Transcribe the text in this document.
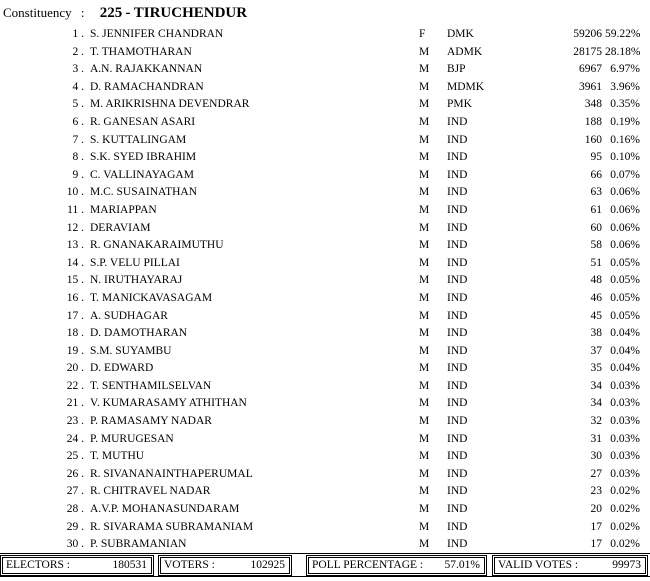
Constituency : 225 - TIRUCHENDUR
1 . S. JENNIFER CHANDRAN	F DMK	59206 59.22%
2 . T. THAMOTHARAN	M ADMK	28175 28.18%
3 . A.N. RAJAKKANNAN	M BJP	6967 6.97%
4 . D. RAMACHANDRAN	M MDMK	3961 3.96%
5 . M. ARIKRISHNA DEVENDRAR	M PMK	348 0.35%
6 . R. GANESAN ASARI	M IND	188 0.19%
7 . S. KUTTALINGAM	M IND	160 0.16%
8 . S.K. SYED IBRAHIM	M IND	95 0.10%
9 . C. VALLINAYAGAM	M IND	66 0.07%
10 . M.C. SUSAINATHAN	M IND	63 0.06%
11 . MARIAPPAN	M IND	61 0.06%
12 . DERAVIAM	M IND	60 0.06%
13 . R. GNANAKARAIMUTHU	M IND	58 0.06%
14 . S.P. VELU PILLAI	M IND	51 0.05%
15 . N. IRUTHAYARAJ	M IND	48 0.05%
16 . T. MANICKAVASAGAM	M IND	46 0.05%
17 . A. SUDHAGAR	M IND	45 0.05%
18 . D. DAMOTHARAN	M IND	38 0.04%
19 . S.M. SUYAMBU	M IND	37 0.04%
20 . D. EDWARD	M IND	35 0.04%
22 . T. SENTHAMILSELVAN	M IND	34 0.03%
21 . V. KUMARASAMY ATHITHAN	M IND	34 0.03%
23 . P. RAMASAMY NADAR	M IND	32 0.03%
24 . P. MURUGESAN	M IND	31 0.03%
25 . T. MUTHU	M IND	30 0.03%
26 . R. SIVANANAINTHAPERUMAL	M IND	27 0.03%
27 . R. CHITRAVEL NADAR	M IND	23 0.02%
28 . A.V.P. MOHANASUNDARAM	M IND	20 0.02%
29 . R. SIVARAMA SUBRAMANIAM	M IND	17 0.02%
30 . P. SUBRAMANIAN	M IND	17 0.02%
ELECTORS :	180531 VOTERS :	102925 POLL PERCENTAGE : 57.01% VALID VOTES :	99973
